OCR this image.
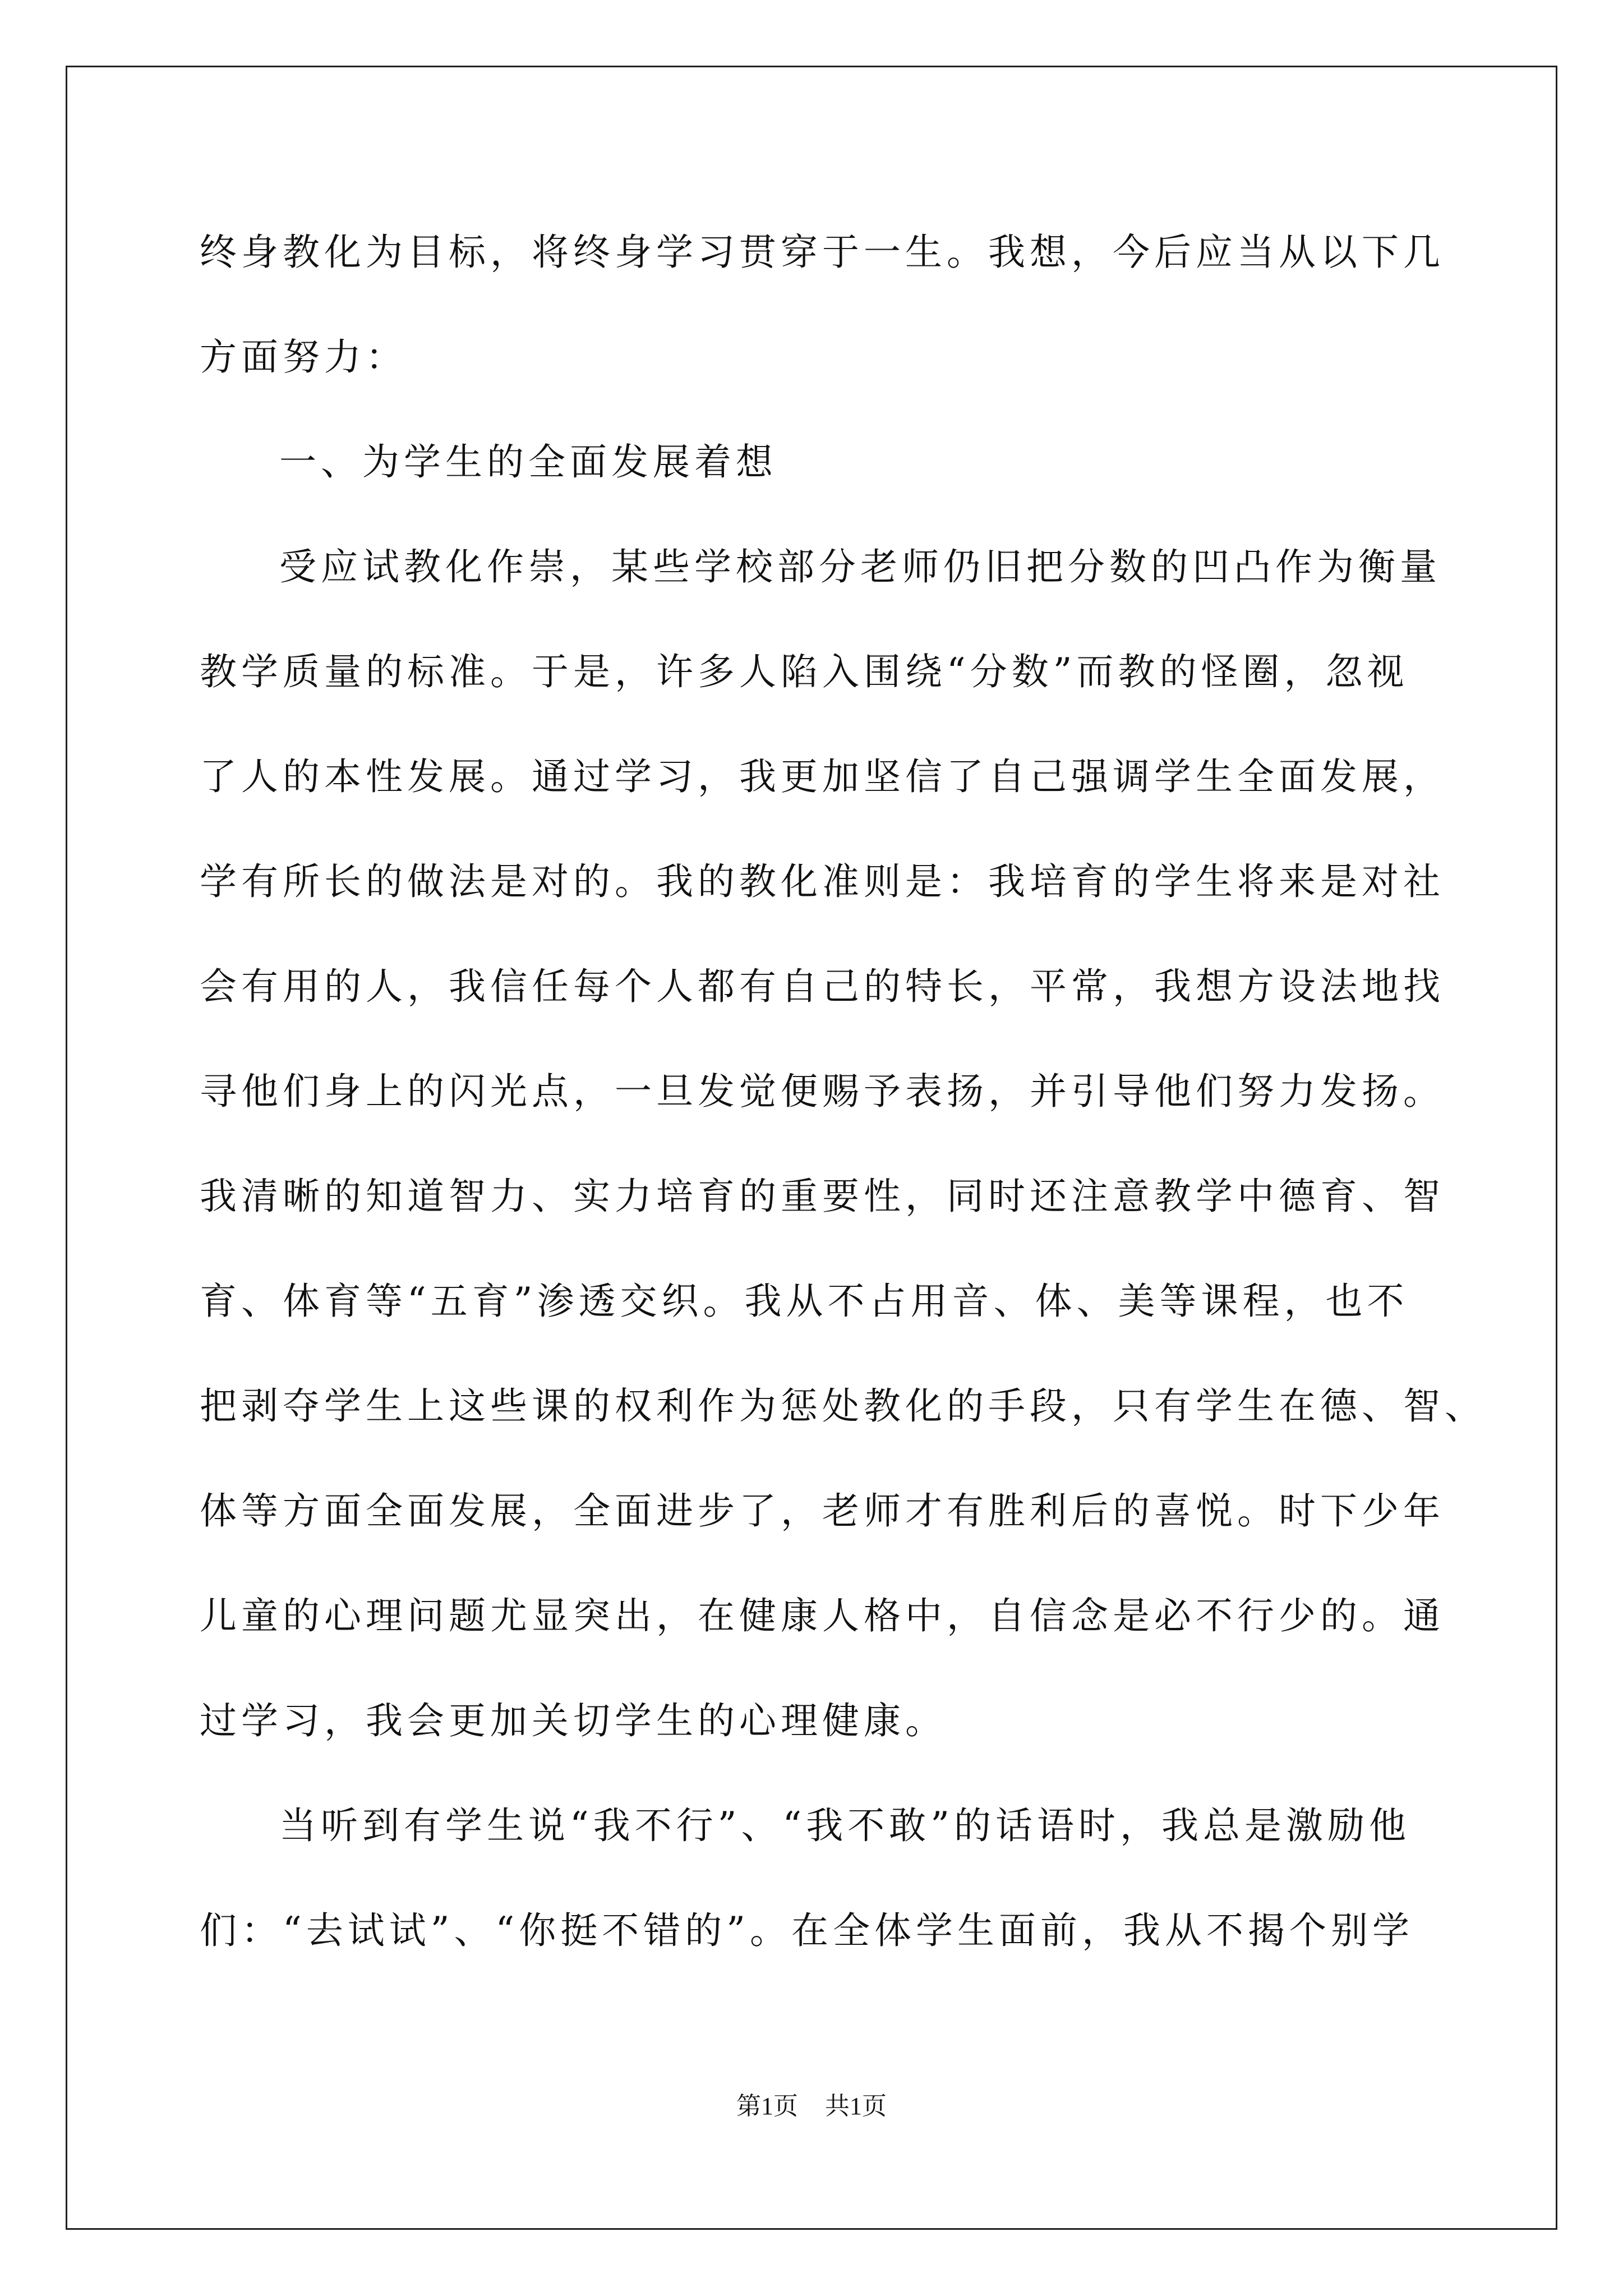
终身教化为目标，将终身学习贯穿于一生。我想，今后应当从以下几
方面努力：
一、为学生的全面发展着想
受应试教化作崇，某些学校部分老师仍旧把分数的凹凸作为衡量
教学质量的标准。于是，许多人陷入围绕“分数”而教的怪圈，忽视
了人的本性发展。通过学习，我更加坚信了自己强调学生全面发展，
学有所长的做法是对的。我的教化准则是：我培育的学生将来是对社
会有用的人，我信任每个人都有自己的特长，平常，我想方设法地找
寻他们身上的闪光点，一旦发觉便赐予表扬，并引导他们努力发扬。
我清晰的知道智力、实力培育的重要性，同时还注意教学中德育、智
育、体育等“五育”渗透交织。我从不占用音、体、美等课程，也不
把剥夺学生上这些课的权利作为惩处教化的手段，只有学生在德、智、
体等方面全面发展，全面进步了，老师才有胜利后的喜悦。时下少年
儿童的心理问题尤显突出，在健康人格中，自信念是必不行少的。通
过学习，我会更加关切学生的心理健康。
当听到有学生说“我不行”、“我不敢”的话语时，我总是激励他
们：“去试试”、“你挺不错的”。在全体学生面前，我从不揭个别学
第1页 共1页
